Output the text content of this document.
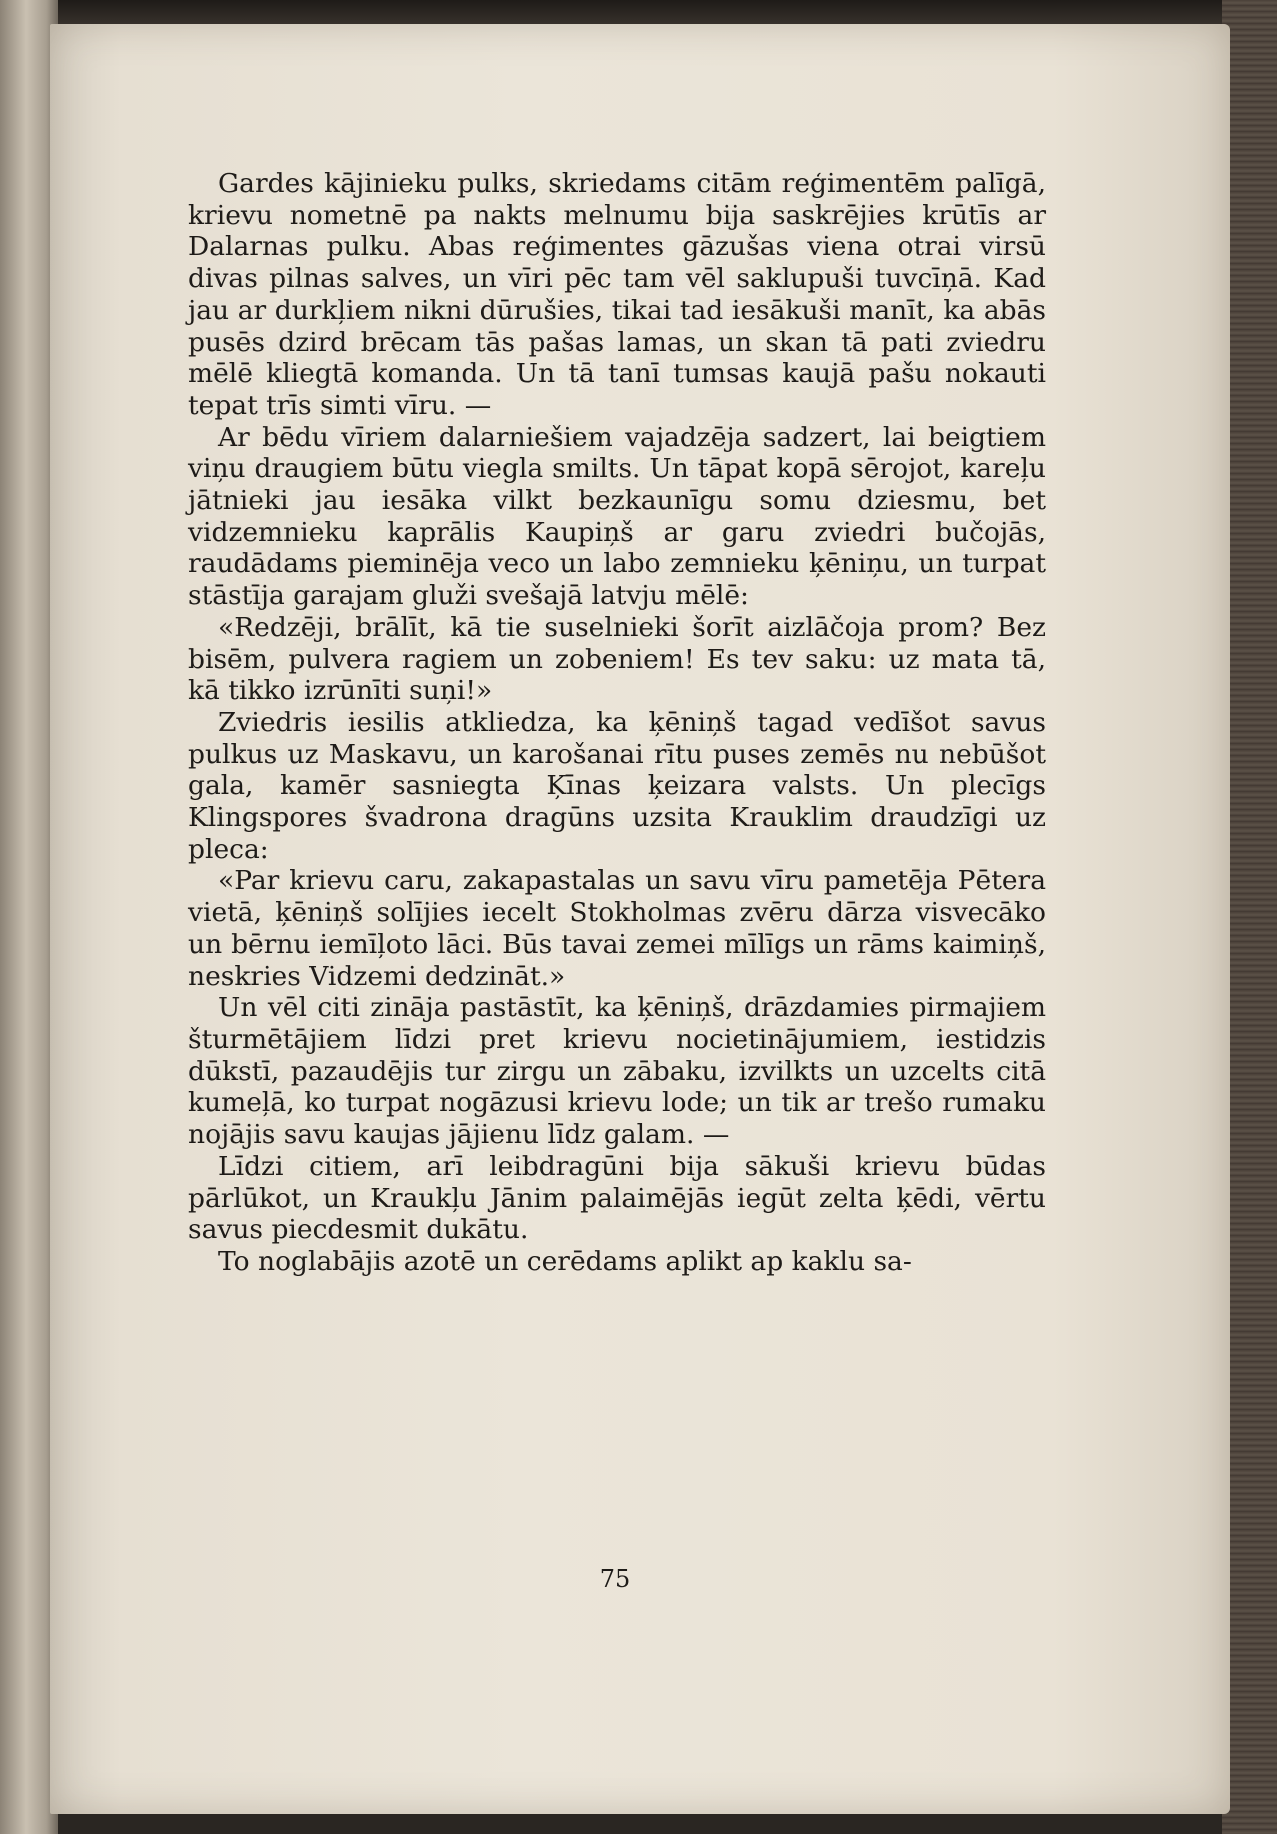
Gardes kājinieku pulks, skriedams citām reģimentēm palīgā, krievu nometnē pa nakts melnumu bija saskrējies krūtīs ar Dalarnas pulku. Abas reģimentes gāzušas viena otrai virsū divas pilnas salves, un vīri pēc tam vēl saklupuši tuvcīņā. Kad jau ar durkļiem nikni dūrušies, tikai tad iesākuši manīt, ka abās pusēs dzird brēcam tās pašas lamas, un skan tā pati zviedru mēlē kliegtā komanda. Un tā tanī tumsas kaujā pašu nokauti tepat trīs simti vīru. —

Ar bēdu vīriem dalarniešiem vajadzēja sadzert, lai beigtiem viņu draugiem būtu viegla smilts. Un tāpat kopā sērojot, kareļu jātnieki jau iesāka vilkt bezkaunīgu somu dziesmu, bet vidzemnieku kaprālis Kaupiņš ar garu zviedri bučojās, raudādams pieminēja veco un labo zemnieku ķēniņu, un turpat stāstīja garajam gluži svešajā latvju mēlē:

«Redzēji, brālīt, kā tie suselnieki šorīt aizlāčoja prom? Bez bisēm, pulvera ragiem un zobeniem! Es tev saku: uz mata tā, kā tikko izrūnīti suņi!»

Zviedris iesilis atkliedza, ka ķēniņš tagad vedīšot savus pulkus uz Maskavu, un karošanai rītu puses zemēs nu nebūšot gala, kamēr sasniegta Ķīnas ķeizara valsts. Un plecīgs Klingspores švadrona dragūns uzsita Krauklim draudzīgi uz pleca:

«Par krievu caru, zakapastalas un savu vīru pametēja Pētera vietā, ķēniņš solījies iecelt Stokholmas zvēru dārza visvecāko un bērnu iemīļoto lāci. Būs tavai zemei mīlīgs un rāms kaimiņš, neskries Vidzemi dedzināt.»

Un vēl citi zināja pastāstīt, ka ķēniņš, drāzdamies pirmajiem šturmētājiem līdzi pret krievu nocietinājumiem, iestidzis dūkstī, pazaudējis tur zirgu un zābaku, izvilkts un uzcelts citā kumeļā, ko turpat nogāzusi krievu lode; un tik ar trešo rumaku nojājis savu kaujas jājienu līdz galam. —

Līdzi citiem, arī leibdragūni bija sākuši krievu būdas pārlūkot, un Kraukļu Jānim palaimējās iegūt zelta ķēdi, vērtu savus piecdesmit dukātu.

To noglabājis azotē un cerēdams aplikt ap kaklu sa-

75
